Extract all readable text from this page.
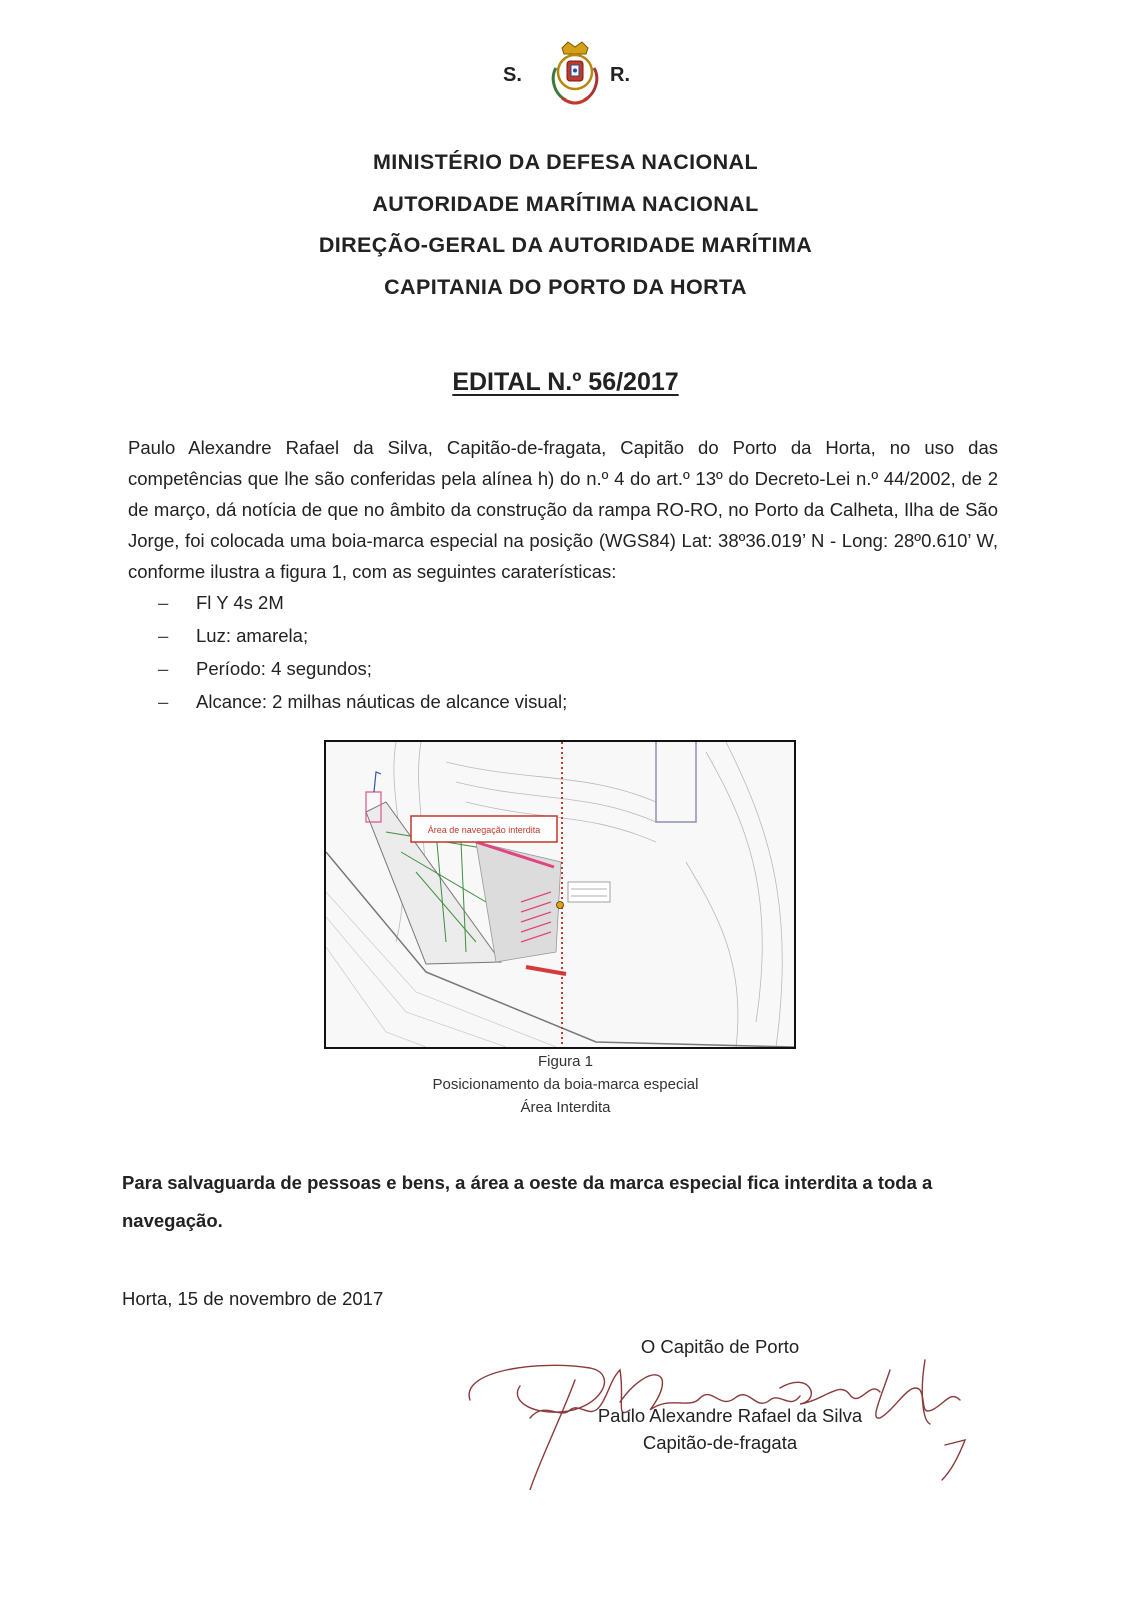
S.	R.
MINISTÉRIO DA DEFESA NACIONAL
AUTORIDADE MARÍTIMA NACIONAL
DIREÇÃO-GERAL DA AUTORIDADE MARÍTIMA
CAPITANIA DO PORTO DA HORTA
EDITAL N.º 56/2017
Paulo Alexandre Rafael da Silva, Capitão-de-fragata, Capitão do Porto da Horta, no uso das competências que lhe são conferidas pela alínea h) do n.º 4 do art.º 13º do Decreto-Lei n.º 44/2002, de 2 de março, dá notícia de que no âmbito da construção da rampa RO-RO, no Porto da Calheta, Ilha de São Jorge, foi colocada uma boia-marca especial na posição (WGS84) Lat: 38º36.019’ N - Long: 28º0.610’ W, conforme ilustra a figura 1, com as seguintes caraterísticas:
– Fl Y 4s 2M
– Luz: amarela;
– Período: 4 segundos;
– Alcance: 2 milhas náuticas de alcance visual;
Área de navegação interdita
Figura 1
Posicionamento da boia-marca especial
Área Interdita
Para salvaguarda de pessoas e bens, a área a oeste da marca especial fica interdita a toda a navegação.
Horta, 15 de novembro de 2017
O Capitão de Porto
Paulo Alexandre Rafael da Silva
Capitão-de-fragata
